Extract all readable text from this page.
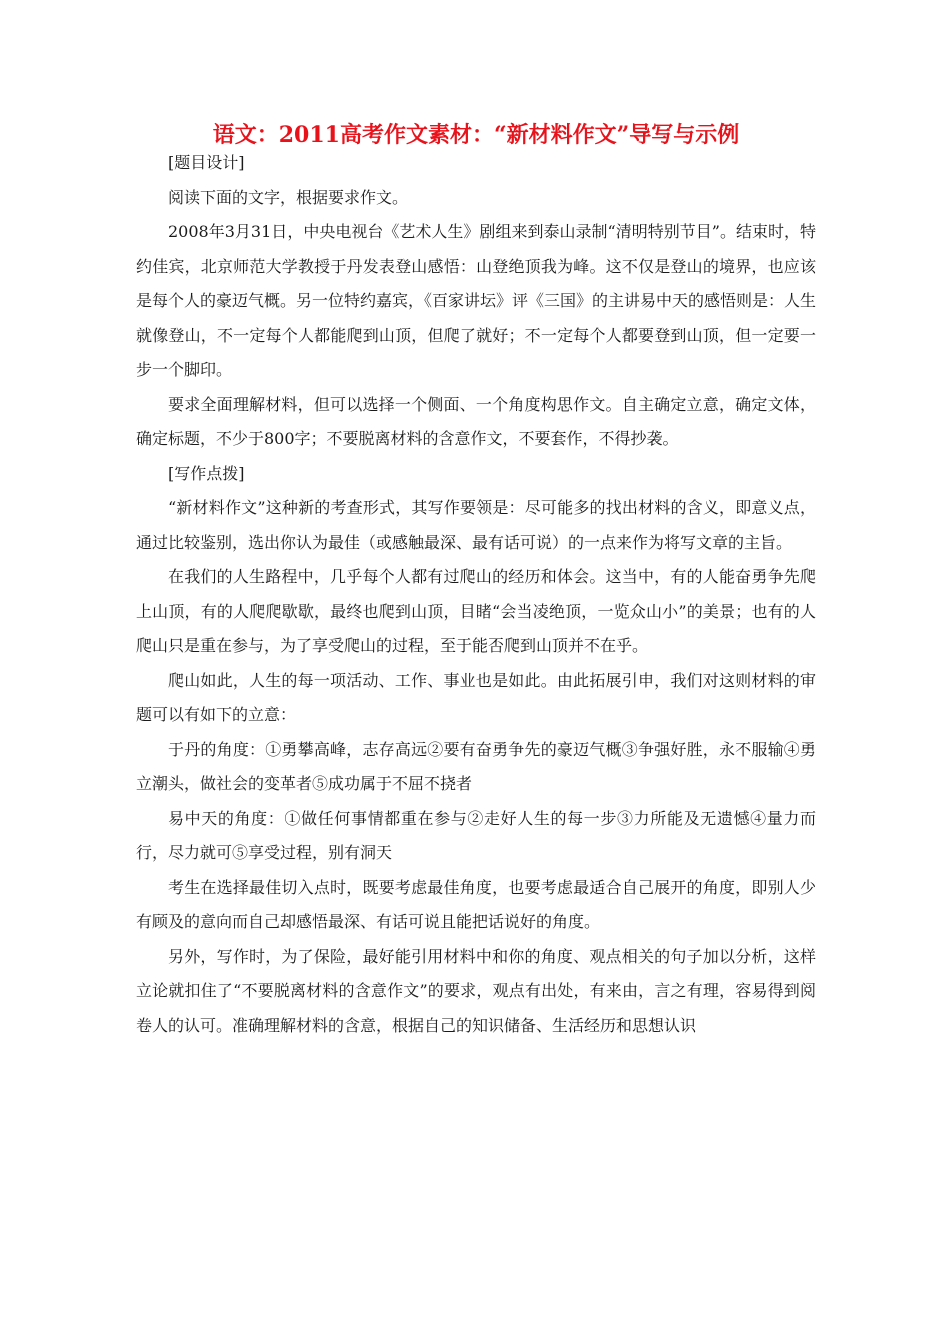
语文：2011高考作文素材：“新材料作文”导写与示例

[题目设计]

阅读下面的文字，根据要求作文。

2008年3月31日，中央电视台《艺术人生》剧组来到泰山录制“清明特别节目”。结束时，特约佳宾，北京师范大学教授于丹发表登山感悟：山登绝顶我为峰。这不仅是登山的境界，也应该是每个人的豪迈气概。另一位特约嘉宾，《百家讲坛》评《三国》的主讲易中天的感悟则是：人生就像登山，不一定每个人都能爬到山顶，但爬了就好；不一定每个人都要登到山顶，但一定要一步一个脚印。

要求全面理解材料，但可以选择一个侧面、一个角度构思作文。自主确定立意，确定文体，确定标题，不少于800字；不要脱离材料的含意作文，不要套作，不得抄袭。

[写作点拨]

“新材料作文”这种新的考查形式，其写作要领是：尽可能多的找出材料的含义，即意义点，通过比较鉴别，选出你认为最佳（或感触最深、最有话可说）的一点来作为将写文章的主旨。

在我们的人生路程中，几乎每个人都有过爬山的经历和体会。这当中，有的人能奋勇争先爬上山顶，有的人爬爬歇歇，最终也爬到山顶，目睹“会当凌绝顶，一览众山小”的美景；也有的人爬山只是重在参与，为了享受爬山的过程，至于能否爬到山顶并不在乎。

爬山如此，人生的每一项活动、工作、事业也是如此。由此拓展引申，我们对这则材料的审题可以有如下的立意：

于丹的角度：①勇攀高峰，志存高远②要有奋勇争先的豪迈气概③争强好胜，永不服输④勇立潮头，做社会的变革者⑤成功属于不屈不挠者

易中天的角度：①做任何事情都重在参与②走好人生的每一步③力所能及无遗憾④量力而行，尽力就可⑤享受过程，别有洞天

考生在选择最佳切入点时，既要考虑最佳角度，也要考虑最适合自己展开的角度，即别人少有顾及的意向而自己却感悟最深、有话可说且能把话说好的角度。

另外，写作时，为了保险，最好能引用材料中和你的角度、观点相关的句子加以分析，这样立论就扣住了“不要脱离材料的含意作文”的要求，观点有出处，有来由，言之有理，容易得到阅卷人的认可。准确理解材料的含意，根据自己的知识储备、生活经历和思想认识
